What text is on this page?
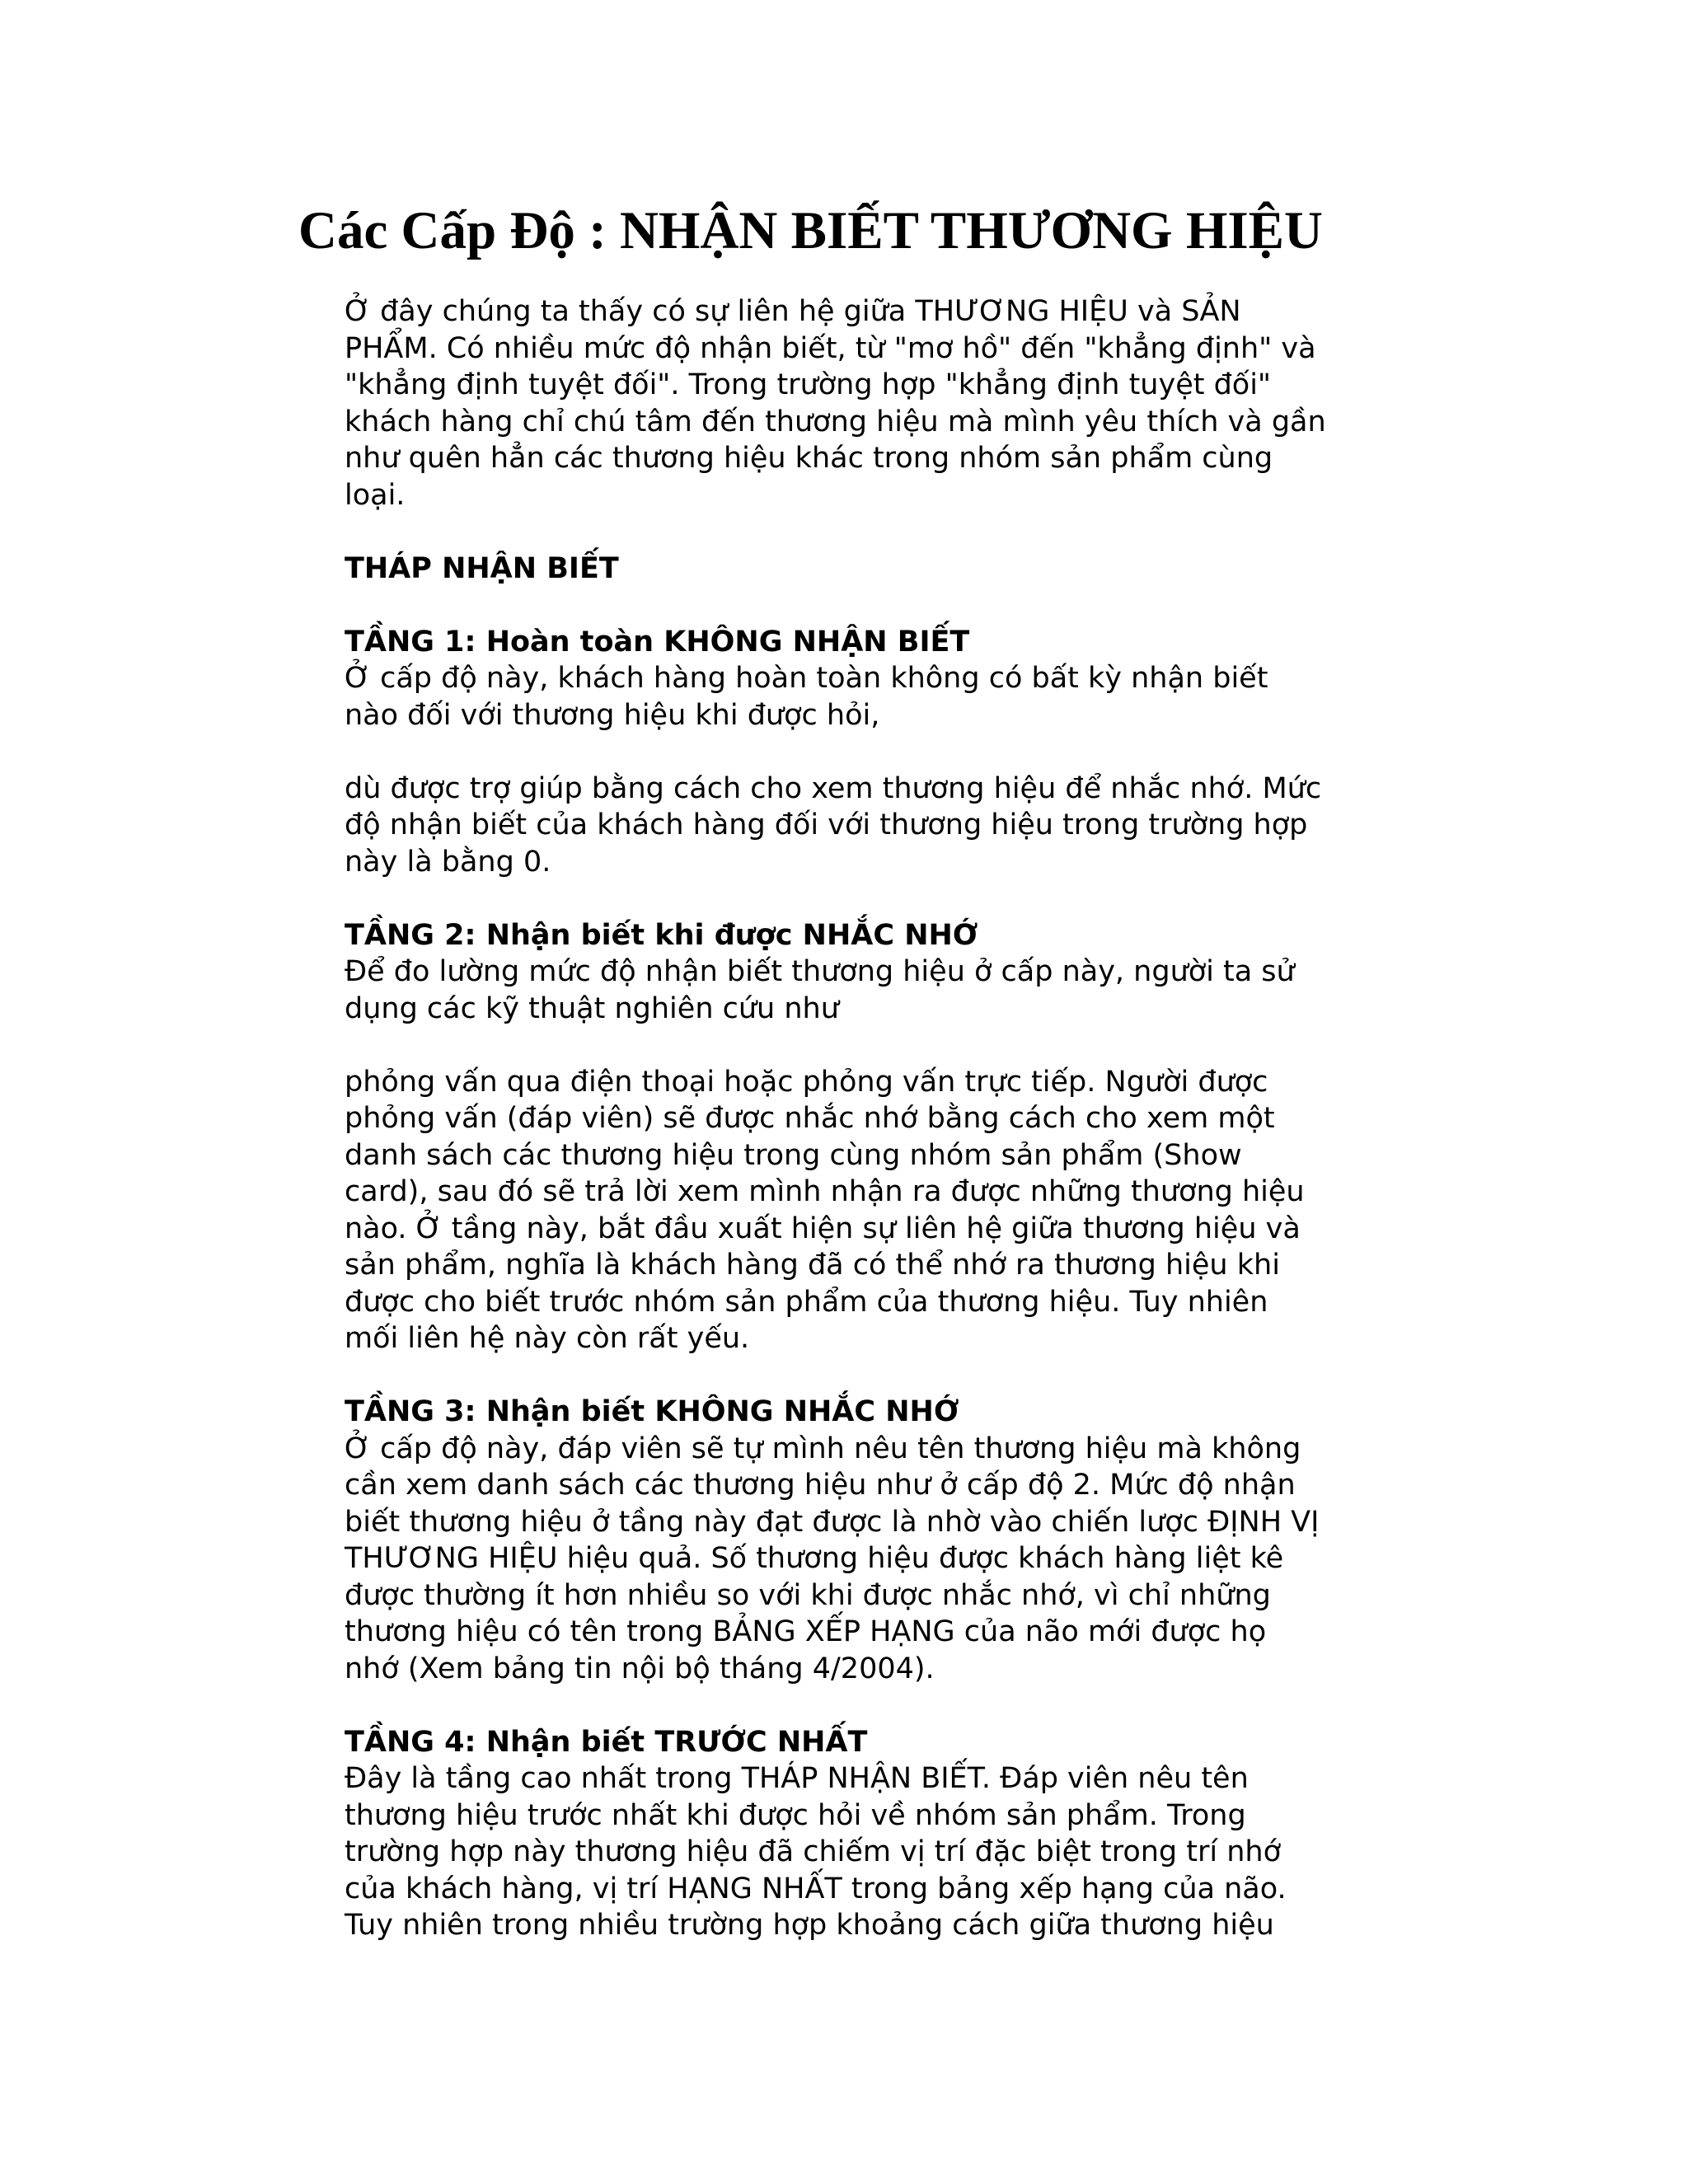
Các Cấp Độ : NHẬN BIẾT THƯƠNG HIỆU
Ở đây chúng ta thấy có sự liên hệ giữa THƯƠNG HIỆU và SẢN
PHẨM. Có nhiều mức độ nhận biết, từ "mơ hồ" đến "khẳng định" và
"khẳng định tuyệt đối". Trong trường hợp "khẳng định tuyệt đối"
khách hàng chỉ chú tâm đến thương hiệu mà mình yêu thích và gần
như quên hẳn các thương hiệu khác trong nhóm sản phẩm cùng
loại.
THÁP NHẬN BIẾT
TẦNG 1: Hoàn toàn KHÔNG NHẬN BIẾT
Ở cấp độ này, khách hàng hoàn toàn không có bất kỳ nhận biết
nào đối với thương hiệu khi được hỏi,
dù được trợ giúp bằng cách cho xem thương hiệu để nhắc nhớ. Mức
độ nhận biết của khách hàng đối với thương hiệu trong trường hợp
này là bằng 0.
TẦNG 2: Nhận biết khi được NHẮC NHỚ
Để đo lường mức độ nhận biết thương hiệu ở cấp này, người ta sử
dụng các kỹ thuật nghiên cứu như
phỏng vấn qua điện thoại hoặc phỏng vấn trực tiếp. Người được
phỏng vấn (đáp viên) sẽ được nhắc nhớ bằng cách cho xem một
danh sách các thương hiệu trong cùng nhóm sản phẩm (Show
card), sau đó sẽ trả lời xem mình nhận ra được những thương hiệu
nào. Ở tầng này, bắt đầu xuất hiện sự liên hệ giữa thương hiệu và
sản phẩm, nghĩa là khách hàng đã có thể nhớ ra thương hiệu khi
được cho biết trước nhóm sản phẩm của thương hiệu. Tuy nhiên
mối liên hệ này còn rất yếu.
TẦNG 3: Nhận biết KHÔNG NHẮC NHỚ
Ở cấp độ này, đáp viên sẽ tự mình nêu tên thương hiệu mà không
cần xem danh sách các thương hiệu như ở cấp độ 2. Mức độ nhận
biết thương hiệu ở tầng này đạt được là nhờ vào chiến lược ĐỊNH VỊ
THƯƠNG HIỆU hiệu quả. Số thương hiệu được khách hàng liệt kê
được thường ít hơn nhiều so với khi được nhắc nhớ, vì chỉ những
thương hiệu có tên trong BẢNG XẾP HẠNG của não mới được họ
nhớ (Xem bảng tin nội bộ tháng 4/2004).
TẦNG 4: Nhận biết TRƯỚC NHẤT
Đây là tầng cao nhất trong THÁP NHẬN BIẾT. Đáp viên nêu tên
thương hiệu trước nhất khi được hỏi về nhóm sản phẩm. Trong
trường hợp này thương hiệu đã chiếm vị trí đặc biệt trong trí nhớ
của khách hàng, vị trí HẠNG NHẤT trong bảng xếp hạng của não.
Tuy nhiên trong nhiều trường hợp khoảng cách giữa thương hiệu
